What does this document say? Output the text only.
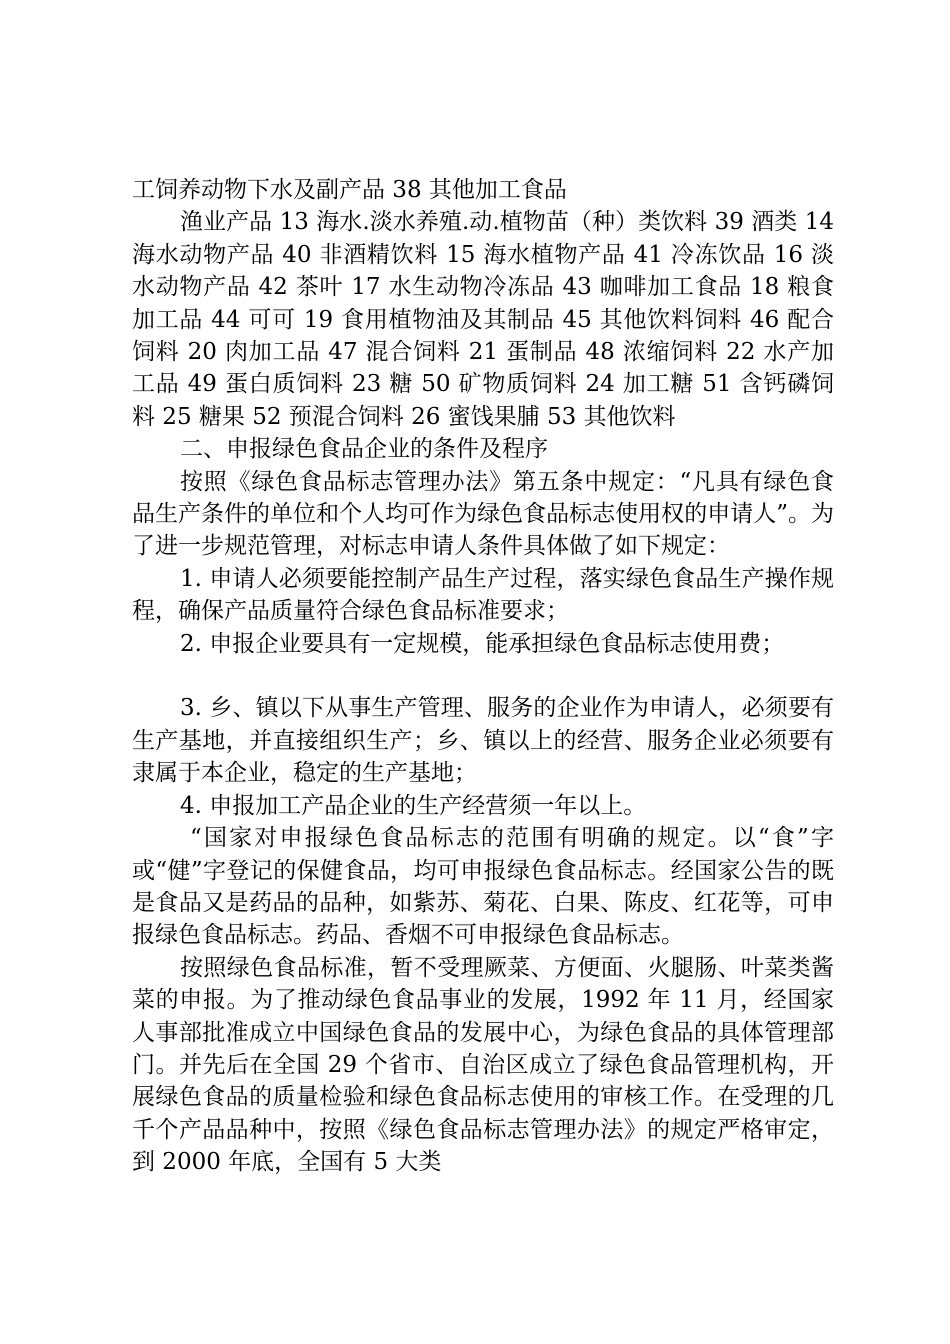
工饲养动物下水及副产品 38 其他加工食品

渔业产品 13 海水.淡水养殖.动.植物苗（种）类饮料 39 酒类 14 海水动物产品 40 非酒精饮料 15 海水植物产品 41 冷冻饮品 16 淡水动物产品 42 茶叶 17 水生动物冷冻品 43 咖啡加工食品 18 粮食加工品 44 可可 19 食用植物油及其制品 45 其他饮料饲料 46 配合饲料 20 肉加工品 47 混合饲料 21 蛋制品 48 浓缩饲料 22 水产加工品 49 蛋白质饲料 23 糖 50 矿物质饲料 24 加工糖 51 含钙磷饲料 25 糖果 52 预混合饲料 26 蜜饯果脯 53 其他饮料

二、申报绿色食品企业的条件及程序

按照《绿色食品标志管理办法》第五条中规定：“凡具有绿色食品生产条件的单位和个人均可作为绿色食品标志使用权的申请人”。为了进一步规范管理，对标志申请人条件具体做了如下规定：

1. 申请人必须要能控制产品生产过程，落实绿色食品生产操作规程，确保产品质量符合绿色食品标准要求；

2. 申报企业要具有一定规模，能承担绿色食品标志使用费；

3. 乡、镇以下从事生产管理、服务的企业作为申请人，必须要有生产基地，并直接组织生产；乡、镇以上的经营、服务企业必须要有隶属于本企业，稳定的生产基地；

4. 申报加工产品企业的生产经营须一年以上。

“国家对申报绿色食品标志的范围有明确的规定。以“食”字或“健”字登记的保健食品，均可申报绿色食品标志。经国家公告的既是食品又是药品的品种，如紫苏、菊花、白果、陈皮、红花等，可申报绿色食品标志。药品、香烟不可申报绿色食品标志。

按照绿色食品标准，暂不受理厥菜、方便面、火腿肠、叶菜类酱菜的申报。为了推动绿色食品事业的发展，1992 年 11 月，经国家人事部批准成立中国绿色食品的发展中心，为绿色食品的具体管理部门。并先后在全国 29 个省市、自治区成立了绿色食品管理机构，开展绿色食品的质量检验和绿色食品标志使用的审核工作。在受理的几千个产品品种中，按照《绿色食品标志管理办法》的规定严格审定，到 2000 年底，全国有 5 大类
